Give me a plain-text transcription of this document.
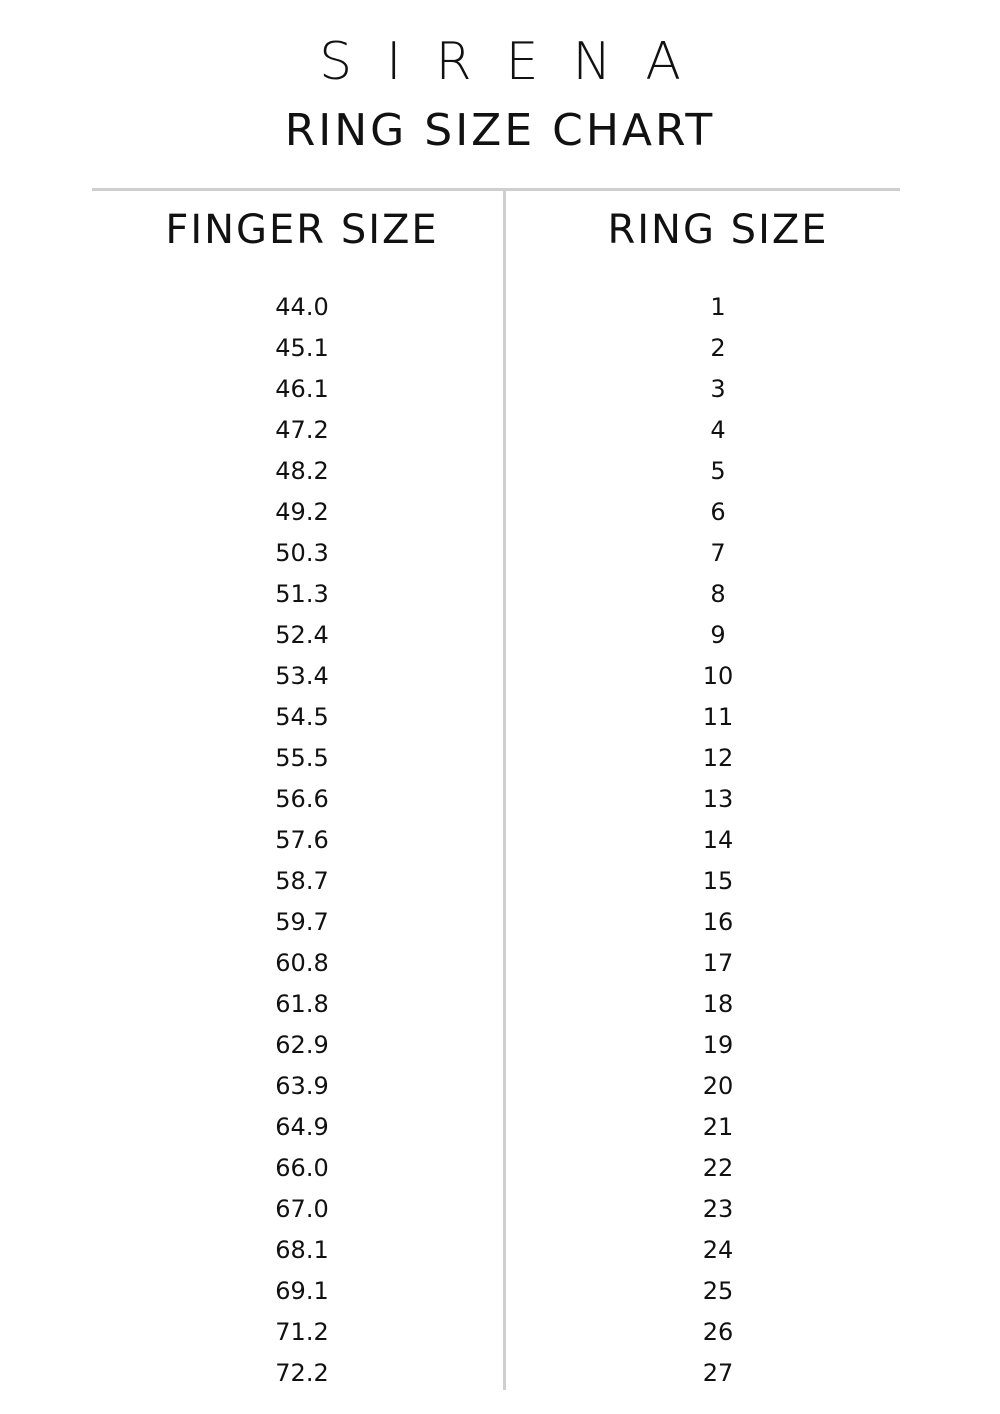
S I R E N A
RING SIZE CHART
FINGER SIZE	RING SIZE
44.0
45.1
46.1
47.2
48.2
49.2
50.3
51.3
52.4
53.4
54.5
55.5
56.6
57.6
58.7
59.7
60.8
61.8
62.9
63.9
64.9
66.0
67.0
68.1
69.1
71.2
72.2
1
2
3
4
5
6
7
8
9
10
11
12
13
14
15
16
17
18
19
20
21
22
23
24
25
26
27
